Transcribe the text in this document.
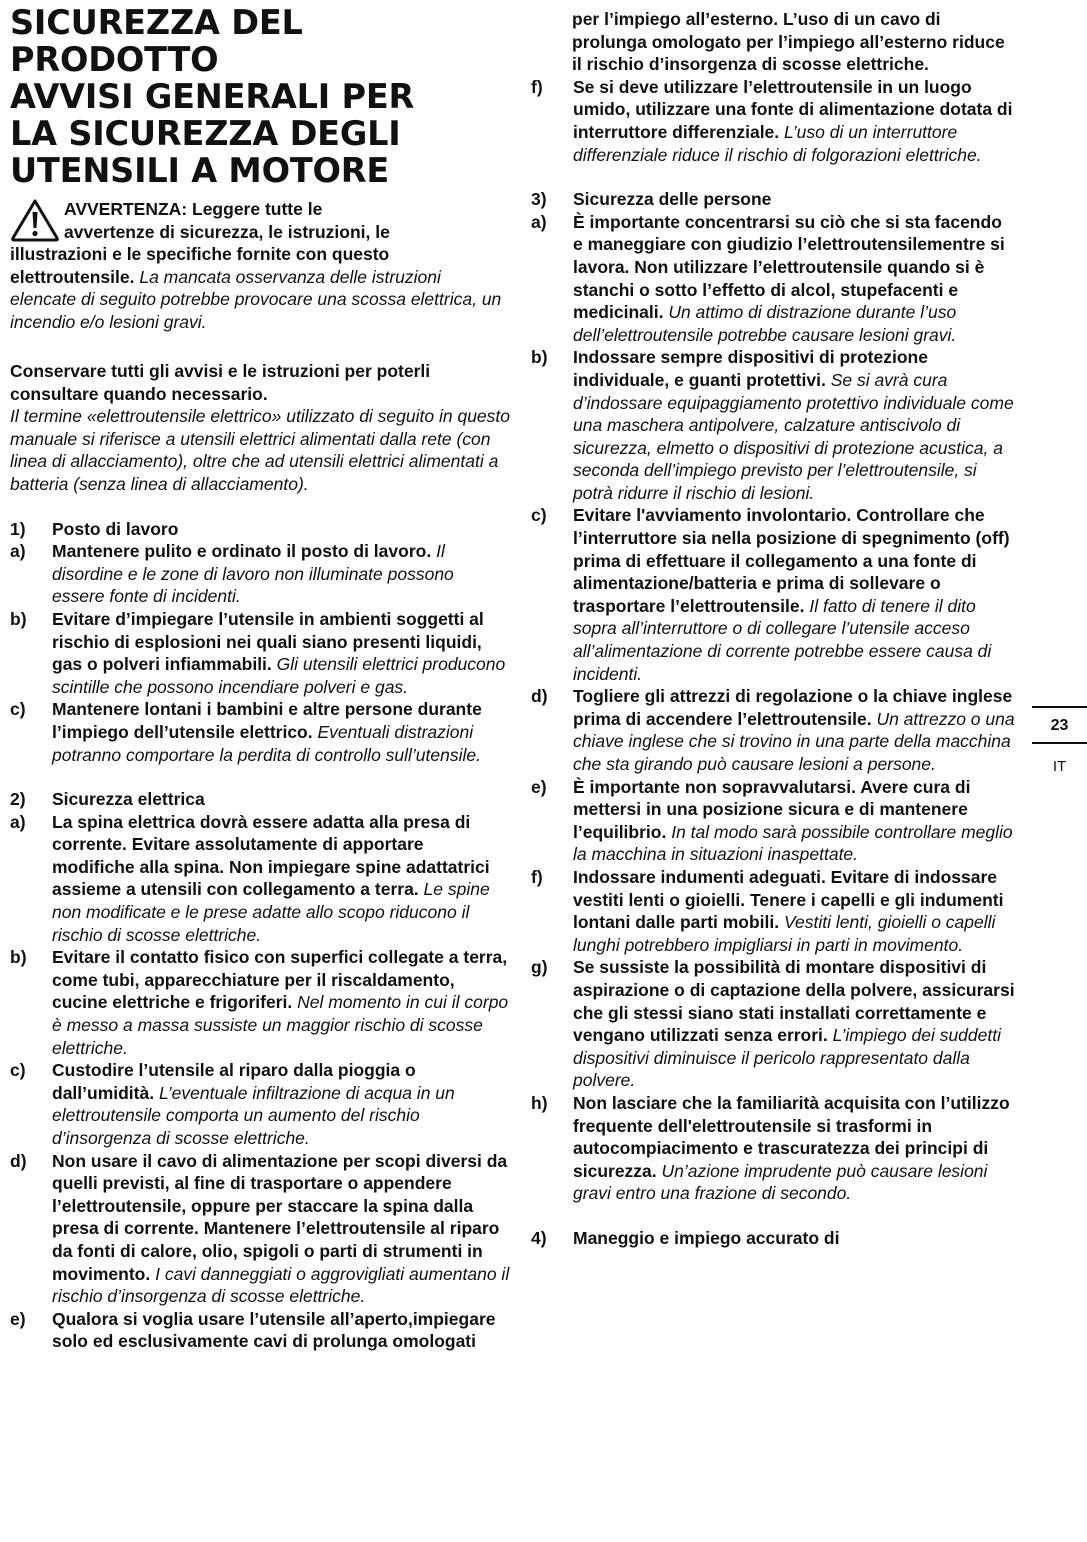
SICUREZZA DEL
PRODOTTO
AVVISI GENERALI PER
LA SICUREZZA DEGLI
UTENSILI A MOTORE
AVVERTENZA: Leggere tutte le
avvertenze di sicurezza, le istruzioni, le
illustrazioni e le specifiche fornite con questo elettroutensile. La mancata osservanza delle istruzioni elencate di seguito potrebbe provocare una scossa elettrica, un incendio e/o lesioni gravi.
Conservare tutti gli avvisi e le istruzioni per poterli consultare quando necessario.
Il termine «elettroutensile elettrico» utilizzato di seguito in questo manuale si riferisce a utensili elettrici alimentati dalla rete (con linea di allacciamento), oltre che ad utensili elettrici alimentati a batteria (senza linea di allacciamento).
1) Posto di lavoro
a) Mantenere pulito e ordinato il posto di lavoro. Il disordine e le zone di lavoro non illuminate possono essere fonte di incidenti.
b) Evitare d’impiegare l’utensile in ambienti soggetti al rischio di esplosioni nei quali siano presenti liquidi, gas o polveri infiammabili. Gli utensili elettrici producono scintille che possono incendiare polveri e gas.
c) Mantenere lontani i bambini e altre persone durante l’impiego dell’utensile elettrico. Eventuali distrazioni potranno comportare la perdita di controllo sull’utensile.
2) Sicurezza elettrica
a) La spina elettrica dovrà essere adatta alla presa di corrente. Evitare assolutamente di apportare modifiche alla spina. Non impiegare spine adattatrici assieme a utensili con collegamento a terra. Le spine non modificate e le prese adatte allo scopo riducono il rischio di scosse elettriche.
b) Evitare il contatto fisico con superfici collegate a terra, come tubi, apparecchiature per il riscaldamento, cucine elettriche e frigoriferi. Nel momento in cui il corpo è messo a massa sussiste un maggior rischio di scosse elettriche.
c) Custodire l’utensile al riparo dalla pioggia o dall’umidità. L’eventuale infiltrazione di acqua in un elettroutensile comporta un aumento del rischio d’insorgenza di scosse elettriche.
d) Non usare il cavo di alimentazione per scopi diversi da quelli previsti, al fine di trasportare o appendere l’elettroutensile, oppure per staccare la spina dalla presa di corrente. Mantenere l’elettroutensile al riparo da fonti di calore, olio, spigoli o parti di strumenti in movimento. I cavi danneggiati o aggrovigliati aumentano il rischio d’insorgenza di scosse elettriche.
e) Qualora si voglia usare l’utensile all’aperto,impiegare solo ed esclusivamente cavi di prolunga omologati
per l’impiego all’esterno. L’uso di un cavo di prolunga omologato per l’impiego all’esterno riduce il rischio d’insorgenza di scosse elettriche.
f) Se si deve utilizzare l’elettroutensile in un luogo umido, utilizzare una fonte di alimentazione dotata di interruttore differenziale. L’uso di un interruttore differenziale riduce il rischio di folgorazioni elettriche.
3) Sicurezza delle persone
a) È importante concentrarsi su ciò che si sta facendo e maneggiare con giudizio l’elettroutensilementre si lavora. Non utilizzare l’elettroutensile quando si è stanchi o sotto l’effetto di alcol, stupefacenti e medicinali. Un attimo di distrazione durante l’uso dell’elettroutensile potrebbe causare lesioni gravi.
b) Indossare sempre dispositivi di protezione individuale, e guanti protettivi. Se si avrà cura d’indossare equipaggiamento protettivo individuale come una maschera antipolvere, calzature antiscivolo di sicurezza, elmetto o dispositivi di protezione acustica, a seconda dell’impiego previsto per l’elettroutensile, si potrà ridurre il rischio di lesioni.
c) Evitare l'avviamento involontario. Controllare che l’interruttore sia nella posizione di spegnimento (off) prima di effettuare il collegamento a una fonte di alimentazione/batteria e prima di sollevare o trasportare l’elettroutensile. Il fatto di tenere il dito sopra all’interruttore o di collegare l’utensile acceso all’alimentazione di corrente potrebbe essere causa di incidenti.
d) Togliere gli attrezzi di regolazione o la chiave inglese prima di accendere l’elettroutensile. Un attrezzo o una chiave inglese che si trovino in una parte della macchina che sta girando può causare lesioni a persone.
e) È importante non sopravvalutarsi. Avere cura di mettersi in una posizione sicura e di mantenere l’equilibrio. In tal modo sarà possibile controllare meglio la macchina in situazioni inaspettate.
f) Indossare indumenti adeguati. Evitare di indossare vestiti lenti o gioielli. Tenere i capelli e gli indumenti lontani dalle parti mobili. Vestiti lenti, gioielli o capelli lunghi potrebbero impigliarsi in parti in movimento.
g) Se sussiste la possibilità di montare dispositivi di aspirazione o di captazione della polvere, assicurarsi che gli stessi siano stati installati correttamente e vengano utilizzati senza errori. L’impiego dei suddetti dispositivi diminuisce il pericolo rappresentato dalla polvere.
h) Non lasciare che la familiarità acquisita con l’utilizzo frequente dell'elettroutensile si trasformi in autocompiacimento e trascuratezza dei principi di sicurezza. Un’azione imprudente può causare lesioni gravi entro una frazione di secondo.
4) Maneggio e impiego accurato di
23
IT
